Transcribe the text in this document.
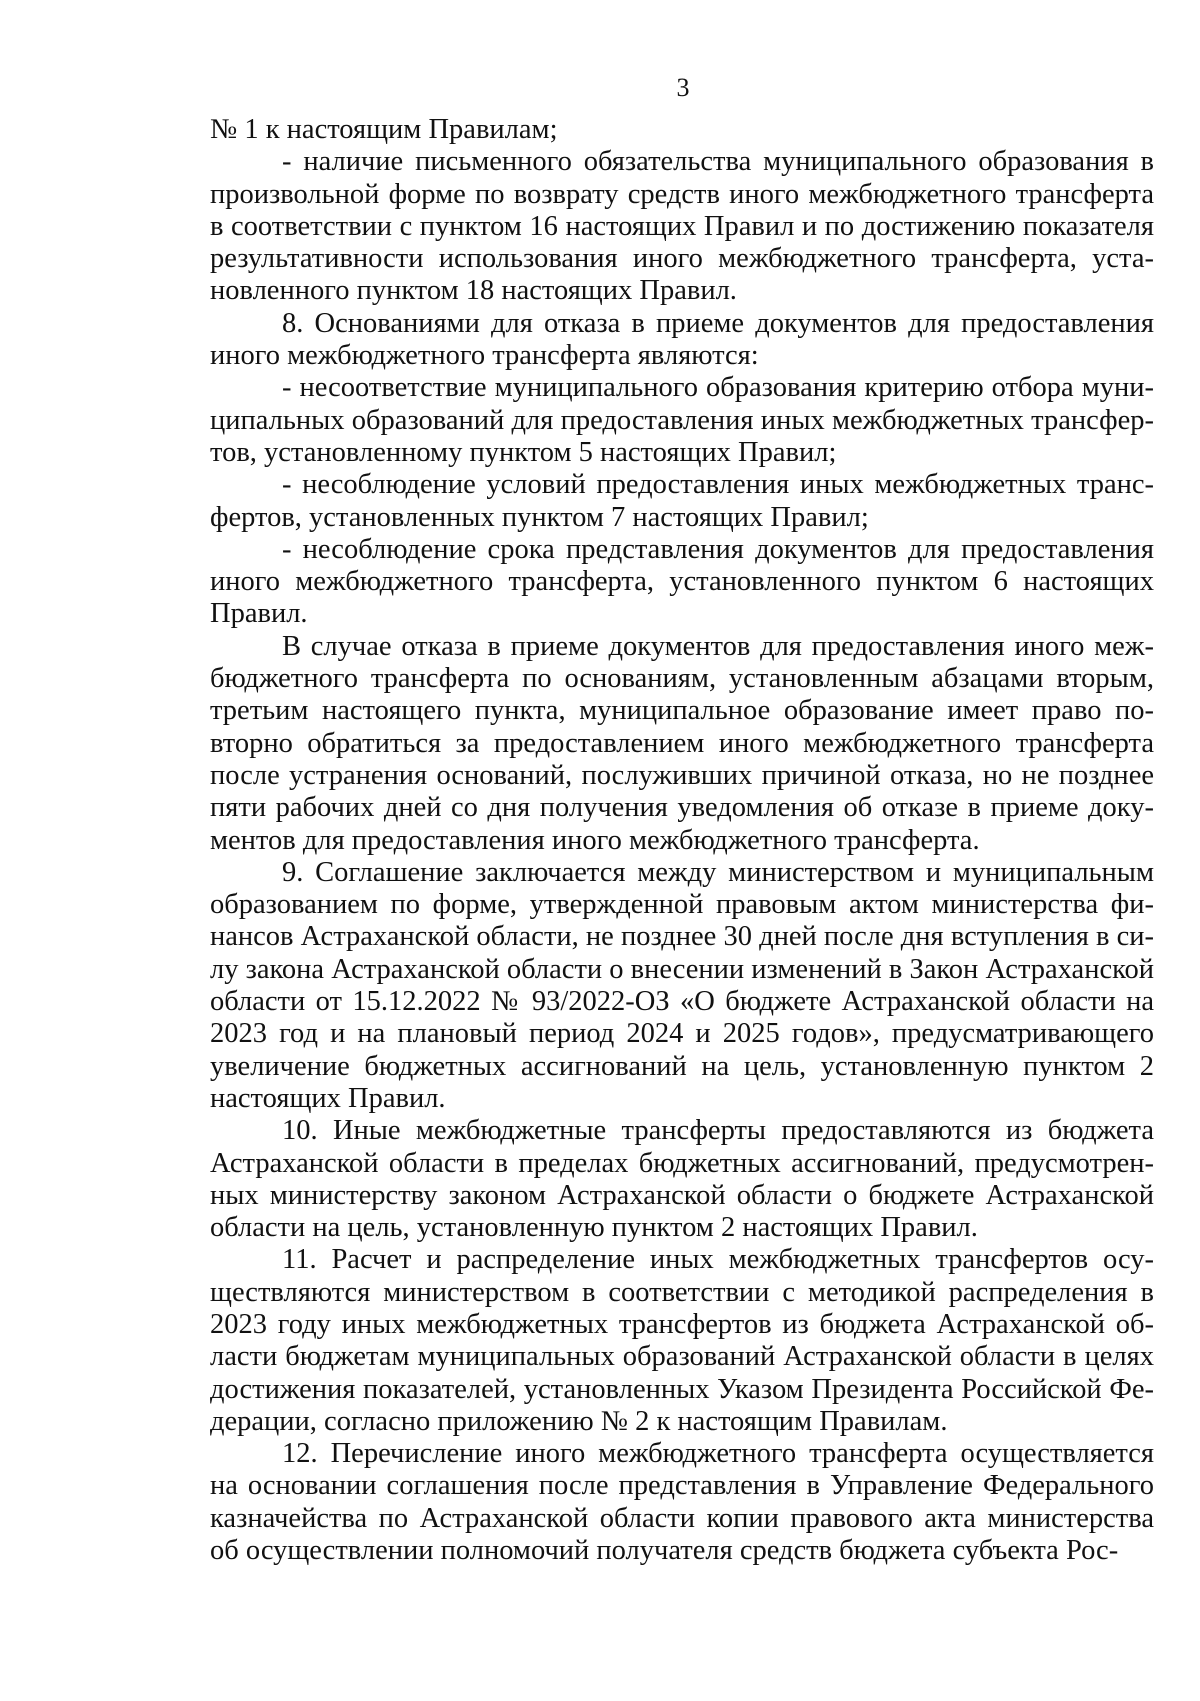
3

№ 1 к настоящим Правилам;

- наличие письменного обязательства муниципального образования в произвольной форме по возврату средств иного межбюджетного трансферта в соответствии с пунктом 16 настоящих Правил и по достижению показателя результативности использования иного межбюджетного трансферта, установленного пунктом 18 настоящих Правил.

8. Основаниями для отказа в приеме документов для предоставления иного межбюджетного трансферта являются:

- несоответствие муниципального образования критерию отбора муниципальных образований для предоставления иных межбюджетных трансфертов, установленному пунктом 5 настоящих Правил;

- несоблюдение условий предоставления иных межбюджетных трансфертов, установленных пунктом 7 настоящих Правил;

- несоблюдение срока представления документов для предоставления иного межбюджетного трансферта, установленного пунктом 6 настоящих Правил.

В случае отказа в приеме документов для предоставления иного межбюджетного трансферта по основаниям, установленным абзацами вторым, третьим настоящего пункта, муниципальное образование имеет право повторно обратиться за предоставлением иного межбюджетного трансферта после устранения оснований, послуживших причиной отказа, но не позднее пяти рабочих дней со дня получения уведомления об отказе в приеме документов для предоставления иного межбюджетного трансферта.

9. Соглашение заключается между министерством и муниципальным образованием по форме, утвержденной правовым актом министерства финансов Астраханской области, не позднее 30 дней после дня вступления в силу закона Астраханской области о внесении изменений в Закон Астраханской области от 15.12.2022 № 93/2022-ОЗ «О бюджете Астраханской области на 2023 год и на плановый период 2024 и 2025 годов», предусматривающего увеличение бюджетных ассигнований на цель, установленную пунктом 2 настоящих Правил.

10. Иные межбюджетные трансферты предоставляются из бюджета Астраханской области в пределах бюджетных ассигнований, предусмотренных министерству законом Астраханской области о бюджете Астраханской области на цель, установленную пунктом 2 настоящих Правил.

11. Расчет и распределение иных межбюджетных трансфертов осуществляются министерством в соответствии с методикой распределения в 2023 году иных межбюджетных трансфертов из бюджета Астраханской области бюджетам муниципальных образований Астраханской области в целях достижения показателей, установленных Указом Президента Российской Федерации, согласно приложению № 2 к настоящим Правилам.

12. Перечисление иного межбюджетного трансферта осуществляется на основании соглашения после представления в Управление Федерального казначейства по Астраханской области копии правового акта министерства об осуществлении полномочий получателя средств бюджета субъекта Рос-
